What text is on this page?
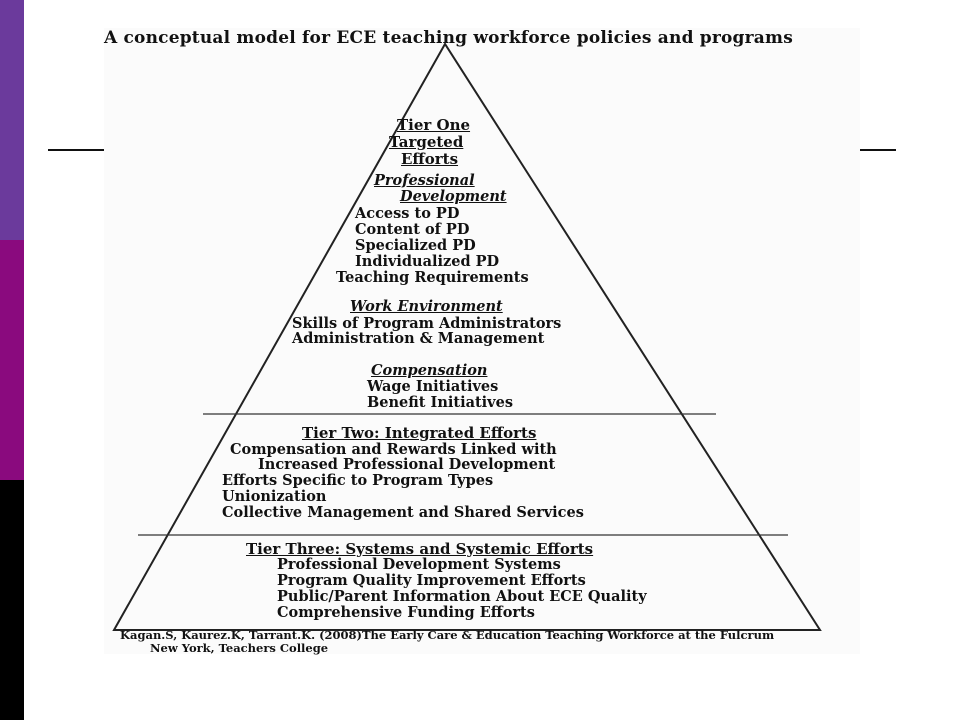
A conceptual model for ECE teaching workforce policies and programs
Tier One
Targeted
Efforts
Professional
Development
Access to PD
Content of PD
Specialized PD
Individualized PD
Teaching Requirements
Work Environment
Skills of Program Administrators
Administration & Management
Compensation
Wage Initiatives
Benefit Initiatives
Tier Two: Integrated Efforts
Compensation and Rewards Linked with
Increased Professional Development
Efforts Specific to Program Types
Unionization
Collective Management and Shared Services
Tier Three: Systems and Systemic Efforts
Professional Development Systems
Program Quality Improvement Efforts
Public/Parent Information About ECE Quality
Comprehensive Funding Efforts
Kagan.S, Kaurez.K, Tarrant.K. (2008)The Early Care & Education Teaching Workforce at the Fulcrum
New York, Teachers College
